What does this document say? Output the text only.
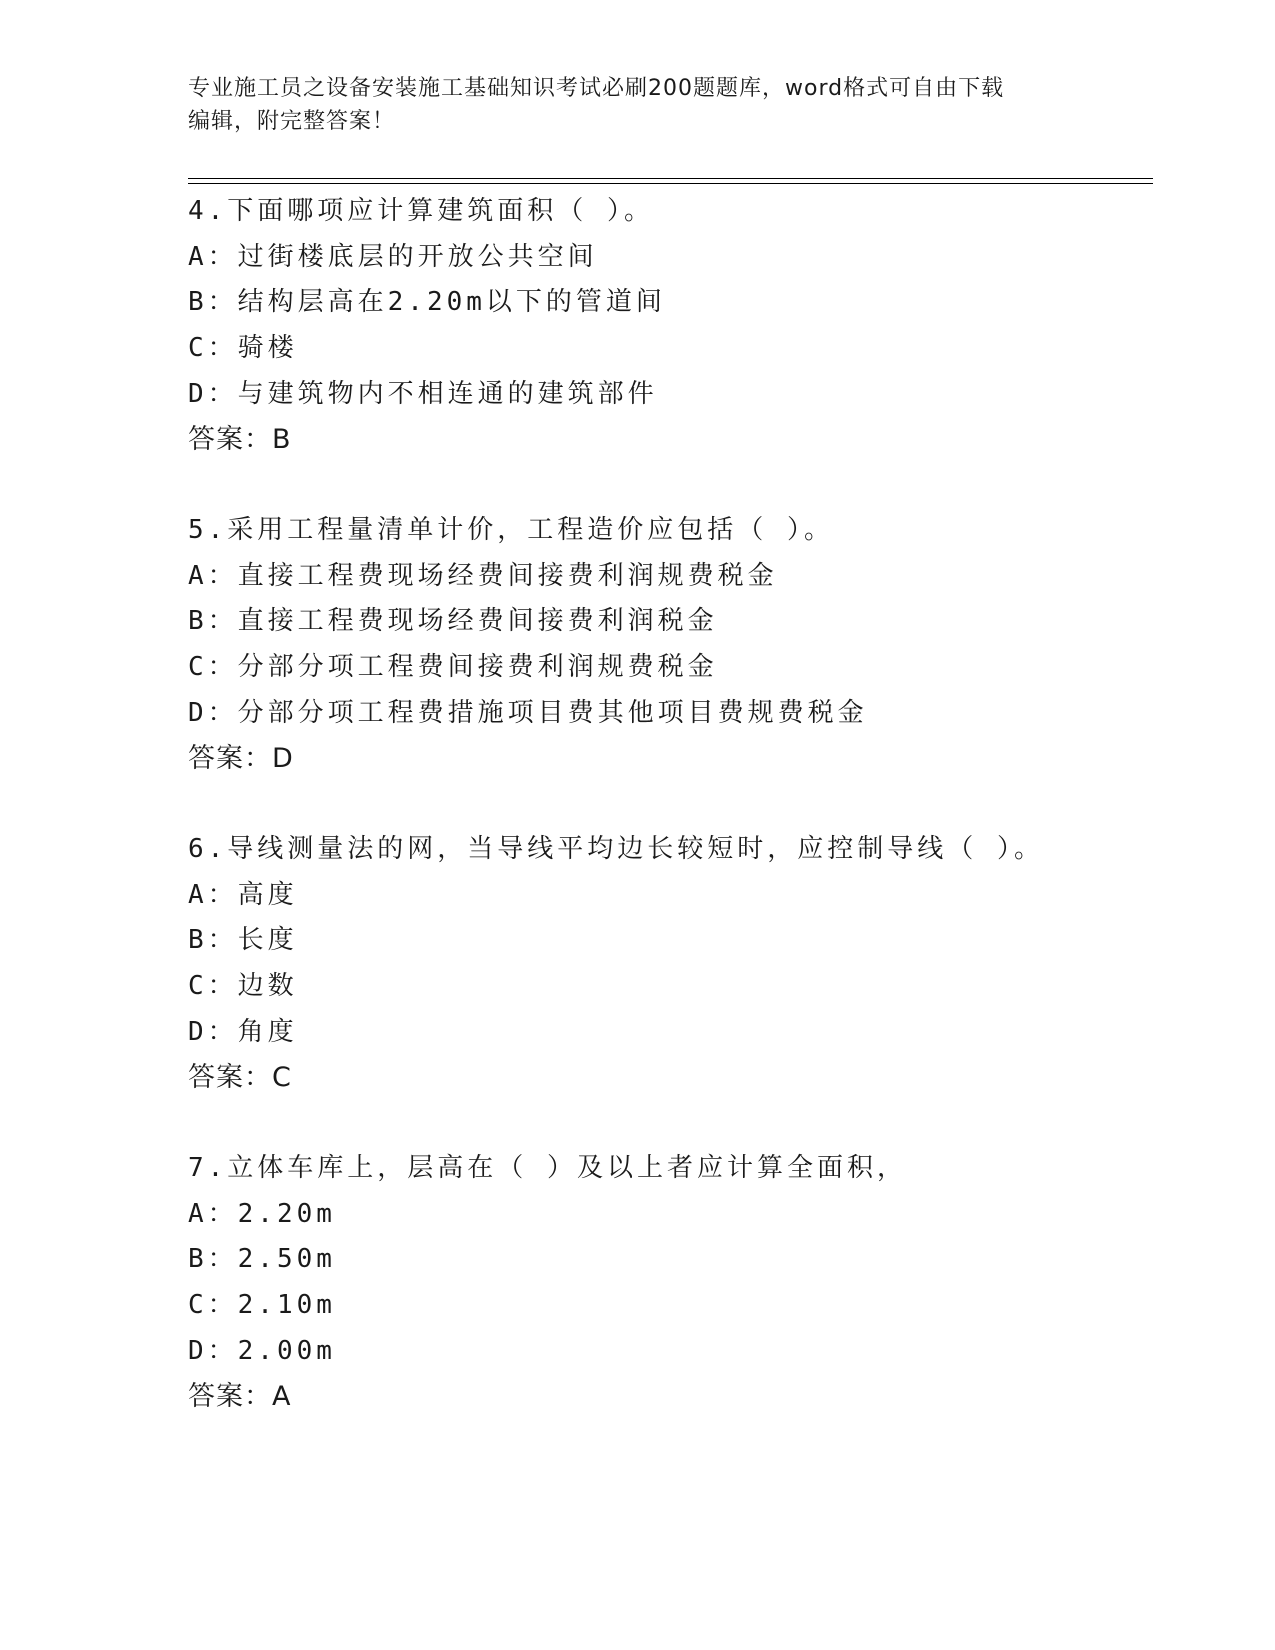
专业施工员之设备安装施工基础知识考试必刷200题题库，word格式可自由下载
编辑，附完整答案！
4.下面哪项应计算建筑面积（ ）。
A：过街楼底层的开放公共空间
B：结构层高在2.20m以下的管道间
C：骑楼
D：与建筑物内不相连通的建筑部件
答案：B
5.采用工程量清单计价，工程造价应包括（ ）。
A：直接工程费现场经费间接费利润规费税金
B：直接工程费现场经费间接费利润税金
C：分部分项工程费间接费利润规费税金
D：分部分项工程费措施项目费其他项目费规费税金
答案：D
6.导线测量法的网，当导线平均边长较短时，应控制导线（ ）。
A：高度
B：长度
C：边数
D：角度
答案：C
7.立体车库上，层高在（ ）及以上者应计算全面积，
A：2.20m
B：2.50m
C：2.10m
D：2.00m
答案：A
